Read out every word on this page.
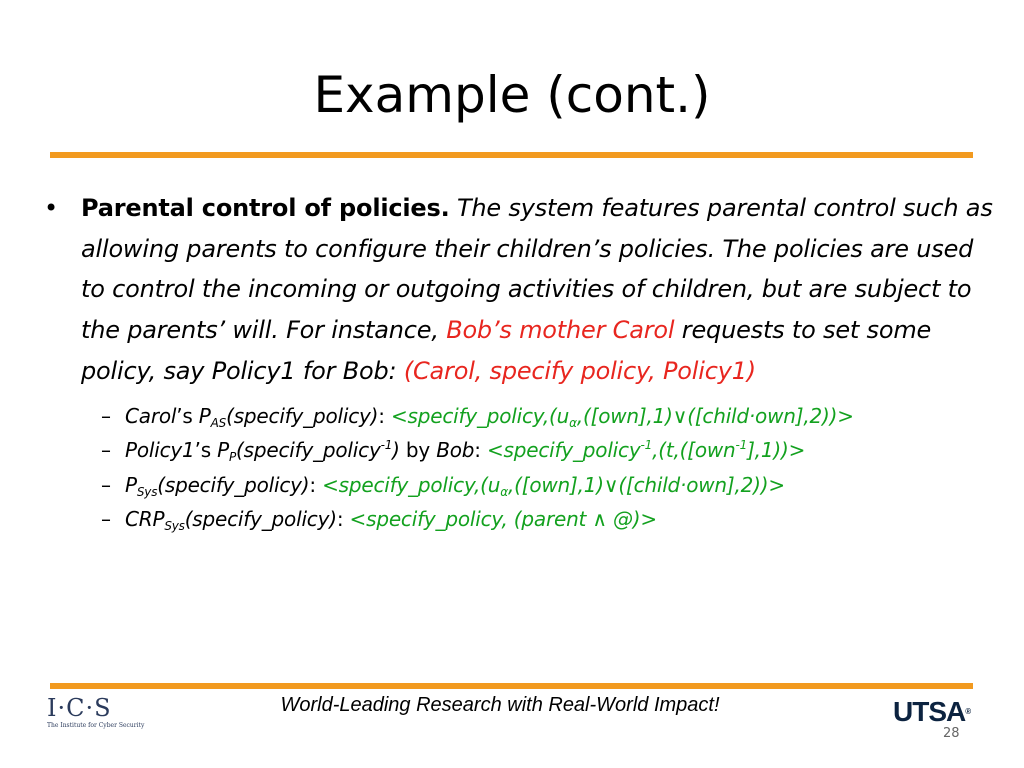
Example (cont.)
• Parental control of policies. The system features parental control such as allowing parents to configure their children’s policies. The policies are used to control the incoming or outgoing activities of children, but are subject to the parents’ will. For instance, Bob’s mother Carol requests to set some policy, say Policy1 for Bob: (Carol, specify policy, Policy1)
– Carol’s $P_{AS}(specify\_policy)$: $<specify\_policy,(u_\alpha,([own],1)\vee([child\cdot own],2))>$
– Policy1’s $P_P(specify\_policy^{-1})$ by Bob: <specify_policy$^{-1}$,(t,([own$^{-1}$],1))>
– $P_{Sys}(specify\_policy)$: $<specify\_policy,(u_\alpha,([own],1)\vee([child\cdot own],2))>$
– $CRP_{Sys}(specify\_policy)$: <specify_policy, (parent ∧ @)>
I·C·S
The Institute for Cyber Security
World-Leading Research with Real-World Impact!	UTSA®
28
